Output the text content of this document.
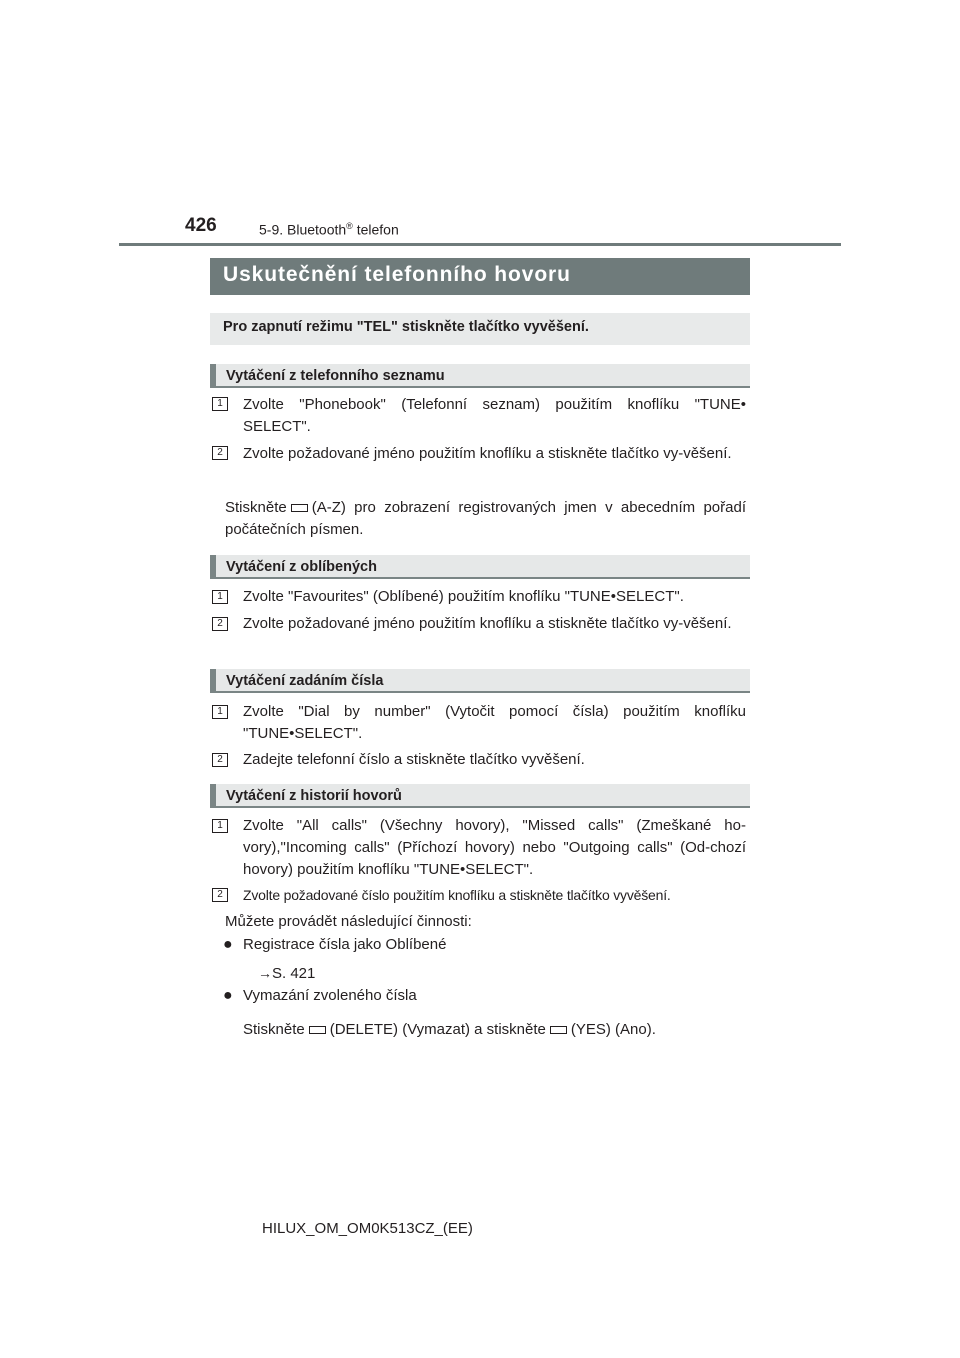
426	5-9. Bluetooth® telefon
Uskutečnění telefonního hovoru
Pro zapnutí režimu "TEL" stiskněte tlačítko vyvěšení.
Vytáčení z telefonního seznamu
1	Zvolte "Phonebook" (Telefonní seznam) použitím knoflíku "TUNE• SELECT".
2	Zvolte požadované jméno použitím knoflíku a stiskněte tlačítko vy-věšení.
Stiskněte (A-Z) pro zobrazení registrovaných jmen v abecedním pořadí počátečních písmen.
Vytáčení z oblíbených
1	Zvolte "Favourites" (Oblíbené) použitím knoflíku "TUNE•SELECT".
2	Zvolte požadované jméno použitím knoflíku a stiskněte tlačítko vy-věšení.
Vytáčení zadáním čísla
1	Zvolte "Dial by number" (Vytočit pomocí čísla) použitím knoflíku "TUNE•SELECT".
2	Zadejte telefonní číslo a stiskněte tlačítko vyvěšení.
Vytáčení z historií hovorů
1	Zvolte "All calls" (Všechny hovory), "Missed calls" (Zmeškané ho-vory),"Incoming calls" (Příchozí hovory) nebo "Outgoing calls" (Od-chozí hovory) použitím knoflíku "TUNE•SELECT".
2	Zvolte požadované číslo použitím knoflíku a stiskněte tlačítko vyvěšení.
Můžete provádět následující činnosti:
● Registrace čísla jako Oblíbené
→S. 421
● Vymazání zvoleného čísla
Stiskněte (DELETE) (Vymazat) a stiskněte (YES) (Ano).
HILUX_OM_OM0K513CZ_(EE)
